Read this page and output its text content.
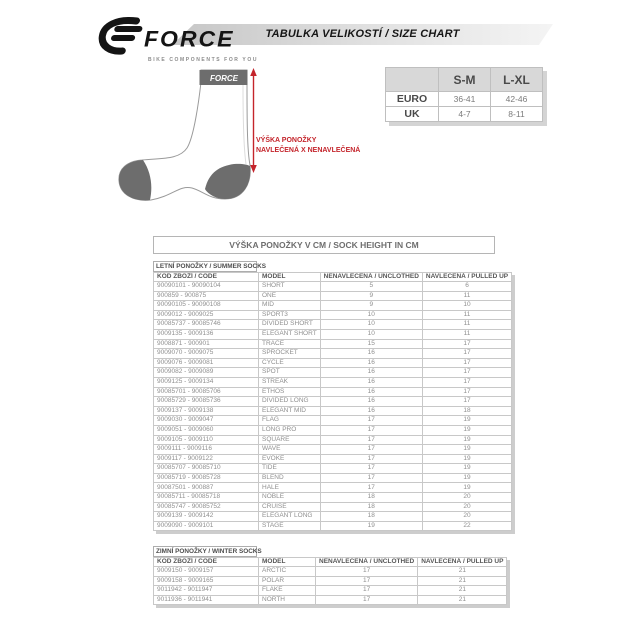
TABULKA VELIKOSTÍ / SIZE CHART
FORCE
BIKE COMPONENTS FOR YOU
FORCE
VÝŠKA PONOŽKY
NAVLEČENÁ X NENAVLEČENÁ
	S-M	L-XL
EURO	36-41	42-46
UK	4-7	8-11
VÝŠKA PONOŽKY V CM / SOCK HEIGHT IN CM
LETNÍ PONOŽKY / SUMMER SOCKS
KÓD ZBOŽÍ / CODE	MODEL	NENAVLEČENÁ / UNCLOTHED	NAVLEČENÁ / PULLED UP
90090101 - 90090104	SHORT	5	6
900859 - 900875	ONE	9	11
90090105 - 90090108	MID	9	10
9009012 - 9009025	SPORT3	10	11
90085737 - 90085746	DIVIDED SHORT	10	11
9009135 - 9009136	ELEGANT SHORT	10	11
9008871 - 900901	TRACE	15	17
9009070 - 9009075	SPROCKET	16	17
9009076 - 9009081	CYCLE	16	17
9009082 - 9009089	SPOT	16	17
9009125 - 9009134	STREAK	16	17
90085701 - 90085706	ETHOS	16	17
90085729 - 90085736	DIVIDED LONG	16	17
9009137 - 9009138	ELEGANT MID	16	18
9009030 - 9009047	FLAG	17	19
9009051 - 9009060	LONG PRO	17	19
9009105 - 9009110	SQUARE	17	19
9009111 - 9009116	WAVE	17	19
9009117 - 9009122	EVOKE	17	19
90085707 - 90085710	TIDE	17	19
90085719 - 90085728	BLEND	17	19
90087501 - 900887	HALE	17	19
90085711 - 90085718	NOBLE	18	20
90085747 - 90085752	CRUISE	18	20
9009139 - 9009142	ELEGANT LONG	18	20
9009090 - 9009101	STAGE	19	22
ZIMNÍ PONOŽKY / WINTER SOCKS
KÓD ZBOŽÍ / CODE	MODEL	NENAVLEČENÁ / UNCLOTHED	NAVLEČENÁ / PULLED UP
9009150 - 9009157	ARCTIC	17	21
9009158 - 9009165	POLAR	17	21
9011942 - 9011947	FLAKE	17	21
9011936 - 9011941	NORTH	17	21
